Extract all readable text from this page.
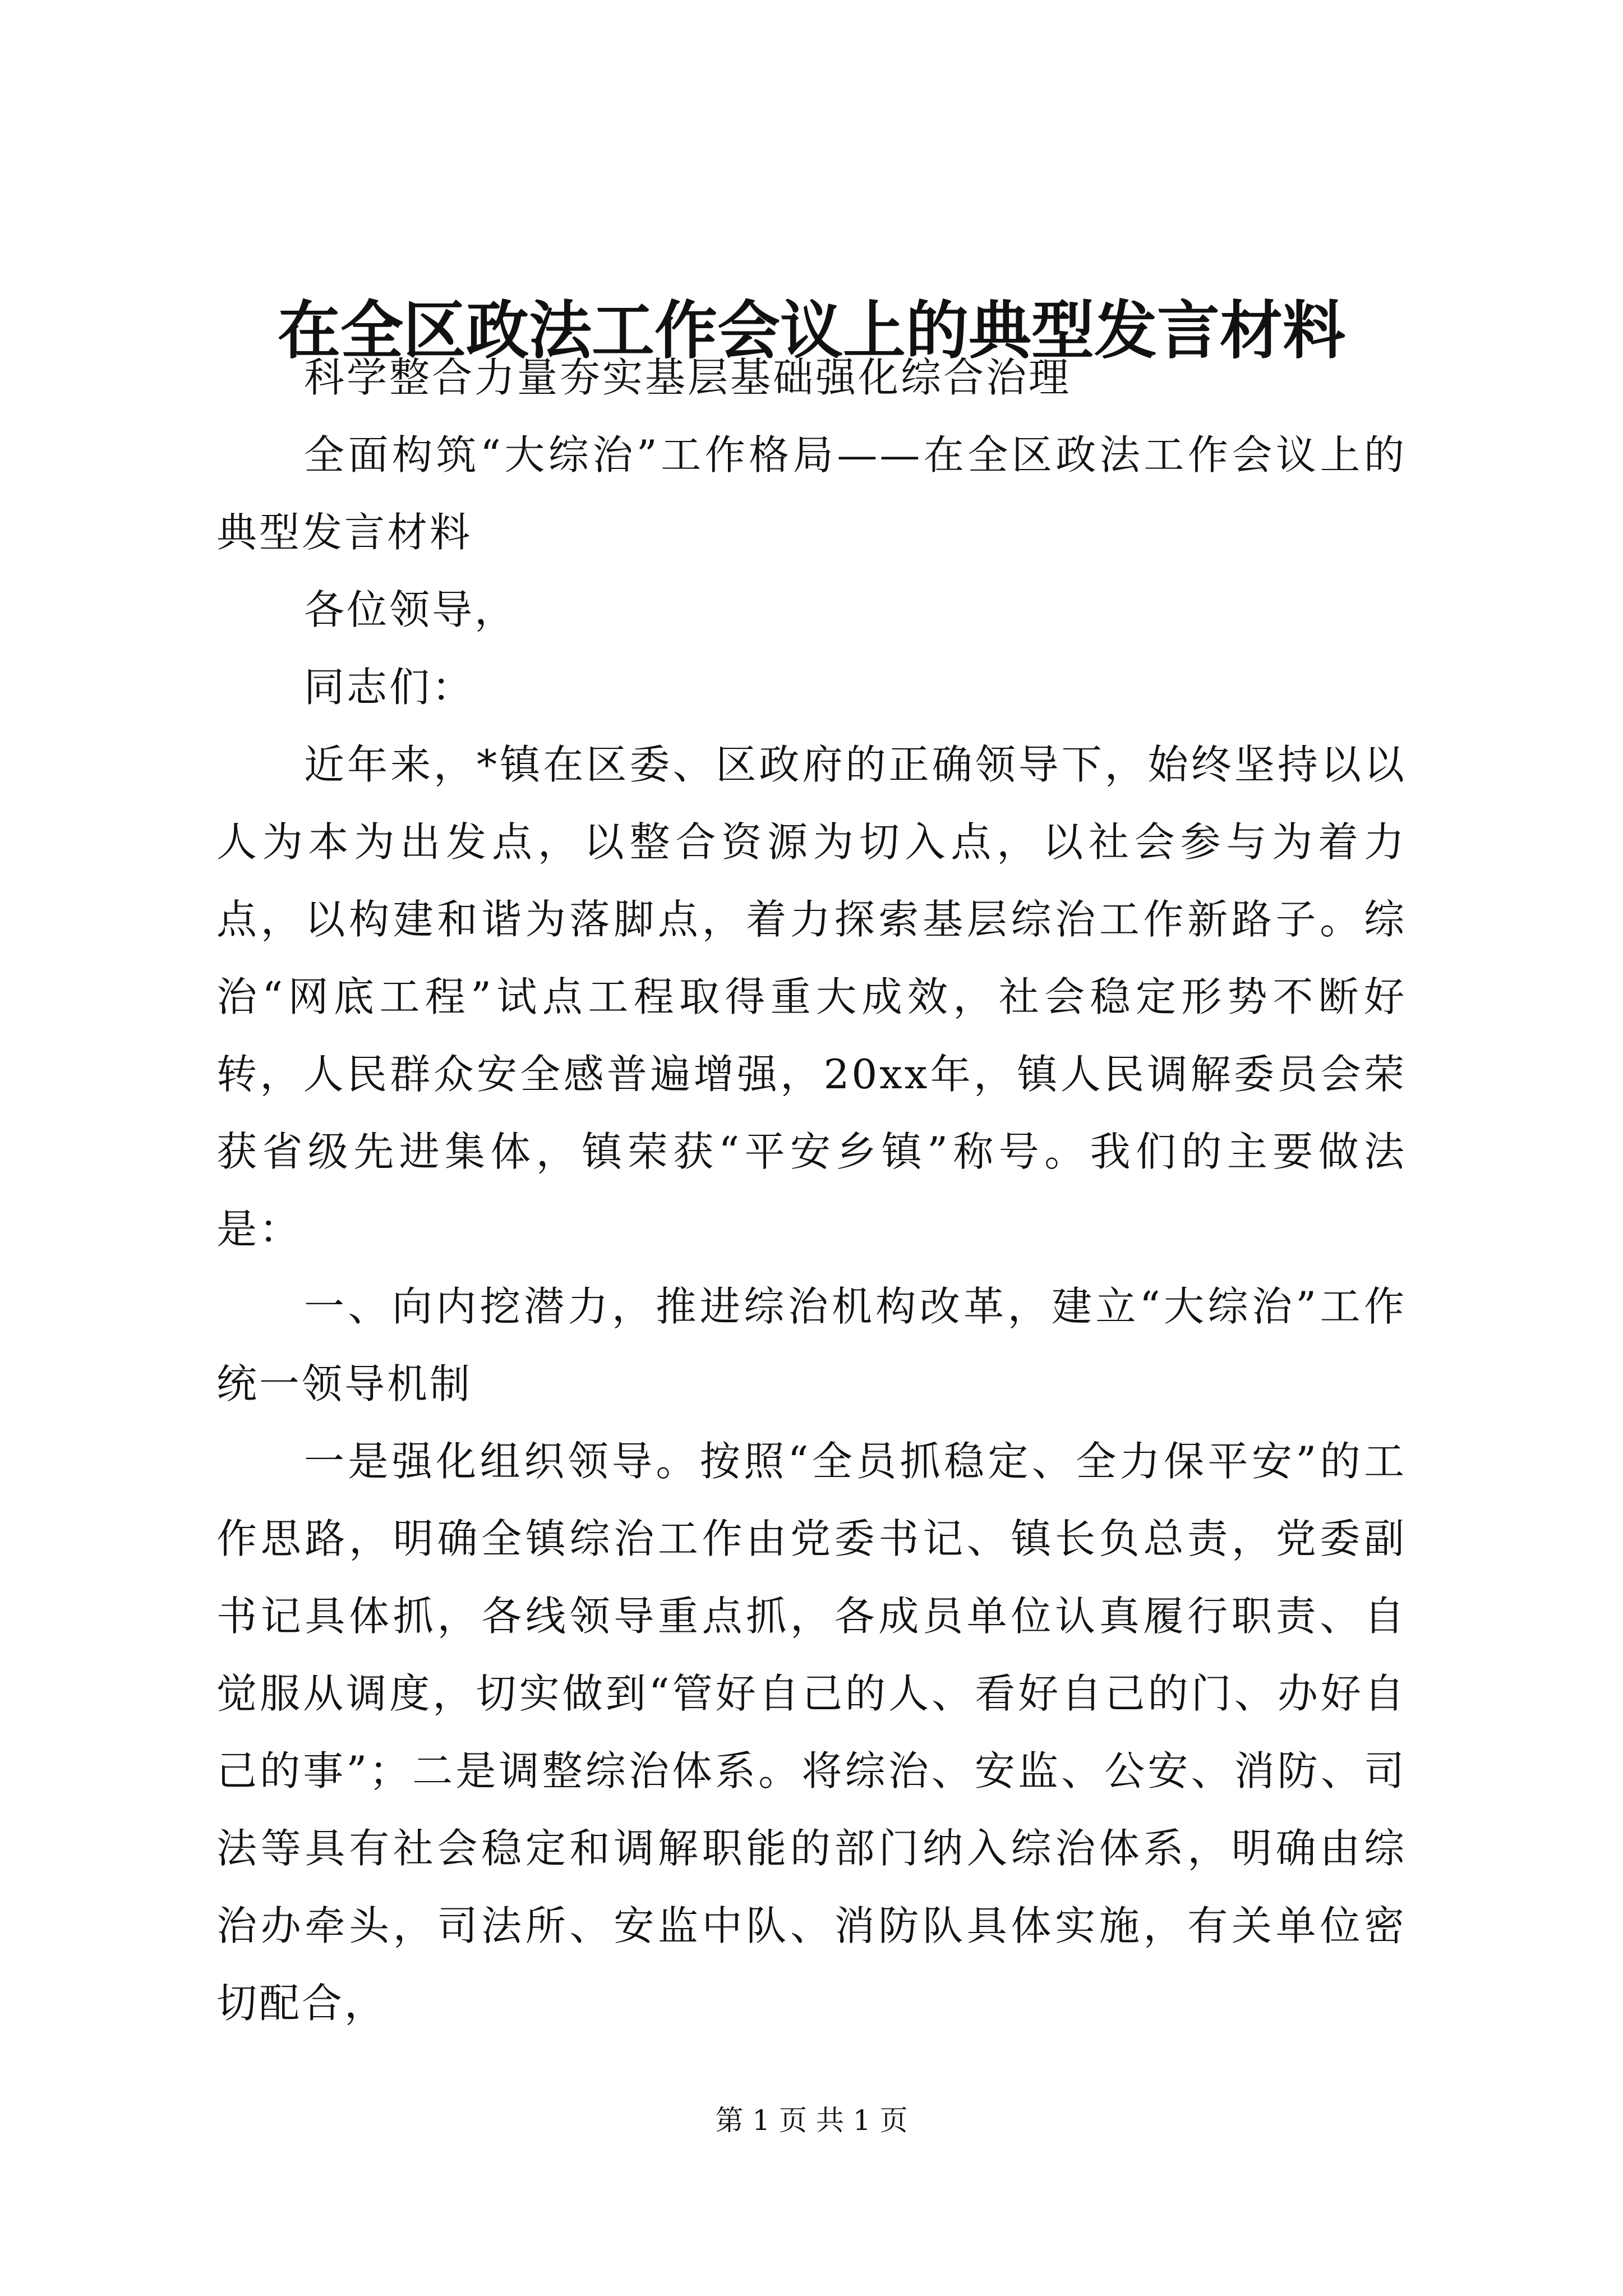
在全区政法工作会议上的典型发言材料

科学整合力量夯实基层基础强化综合治理

全面构筑“大综治”工作格局——在全区政法工作会议上的典型发言材料

各位领导，

同志们：

近年来，*镇在区委、区政府的正确领导下，始终坚持以以人为本为出发点，以整合资源为切入点，以社会参与为着力点，以构建和谐为落脚点，着力探索基层综治工作新路子。综治“网底工程”试点工程取得重大成效，社会稳定形势不断好转，人民群众安全感普遍增强，20xx年，镇人民调解委员会荣获省级先进集体，镇荣获“平安乡镇”称号。我们的主要做法是：

一、向内挖潜力，推进综治机构改革，建立“大综治”工作统一领导机制

一是强化组织领导。按照“全员抓稳定、全力保平安”的工作思路，明确全镇综治工作由党委书记、镇长负总责，党委副书记具体抓，各线领导重点抓，各成员单位认真履行职责、自觉服从调度，切实做到“管好自己的人、看好自己的门、办好自己的事”；二是调整综治体系。将综治、安监、公安、消防、司法等具有社会稳定和调解职能的部门纳入综治体系，明确由综治办牵头，司法所、安监中队、消防队具体实施，有关单位密切配合，

第 1 页 共 1 页
